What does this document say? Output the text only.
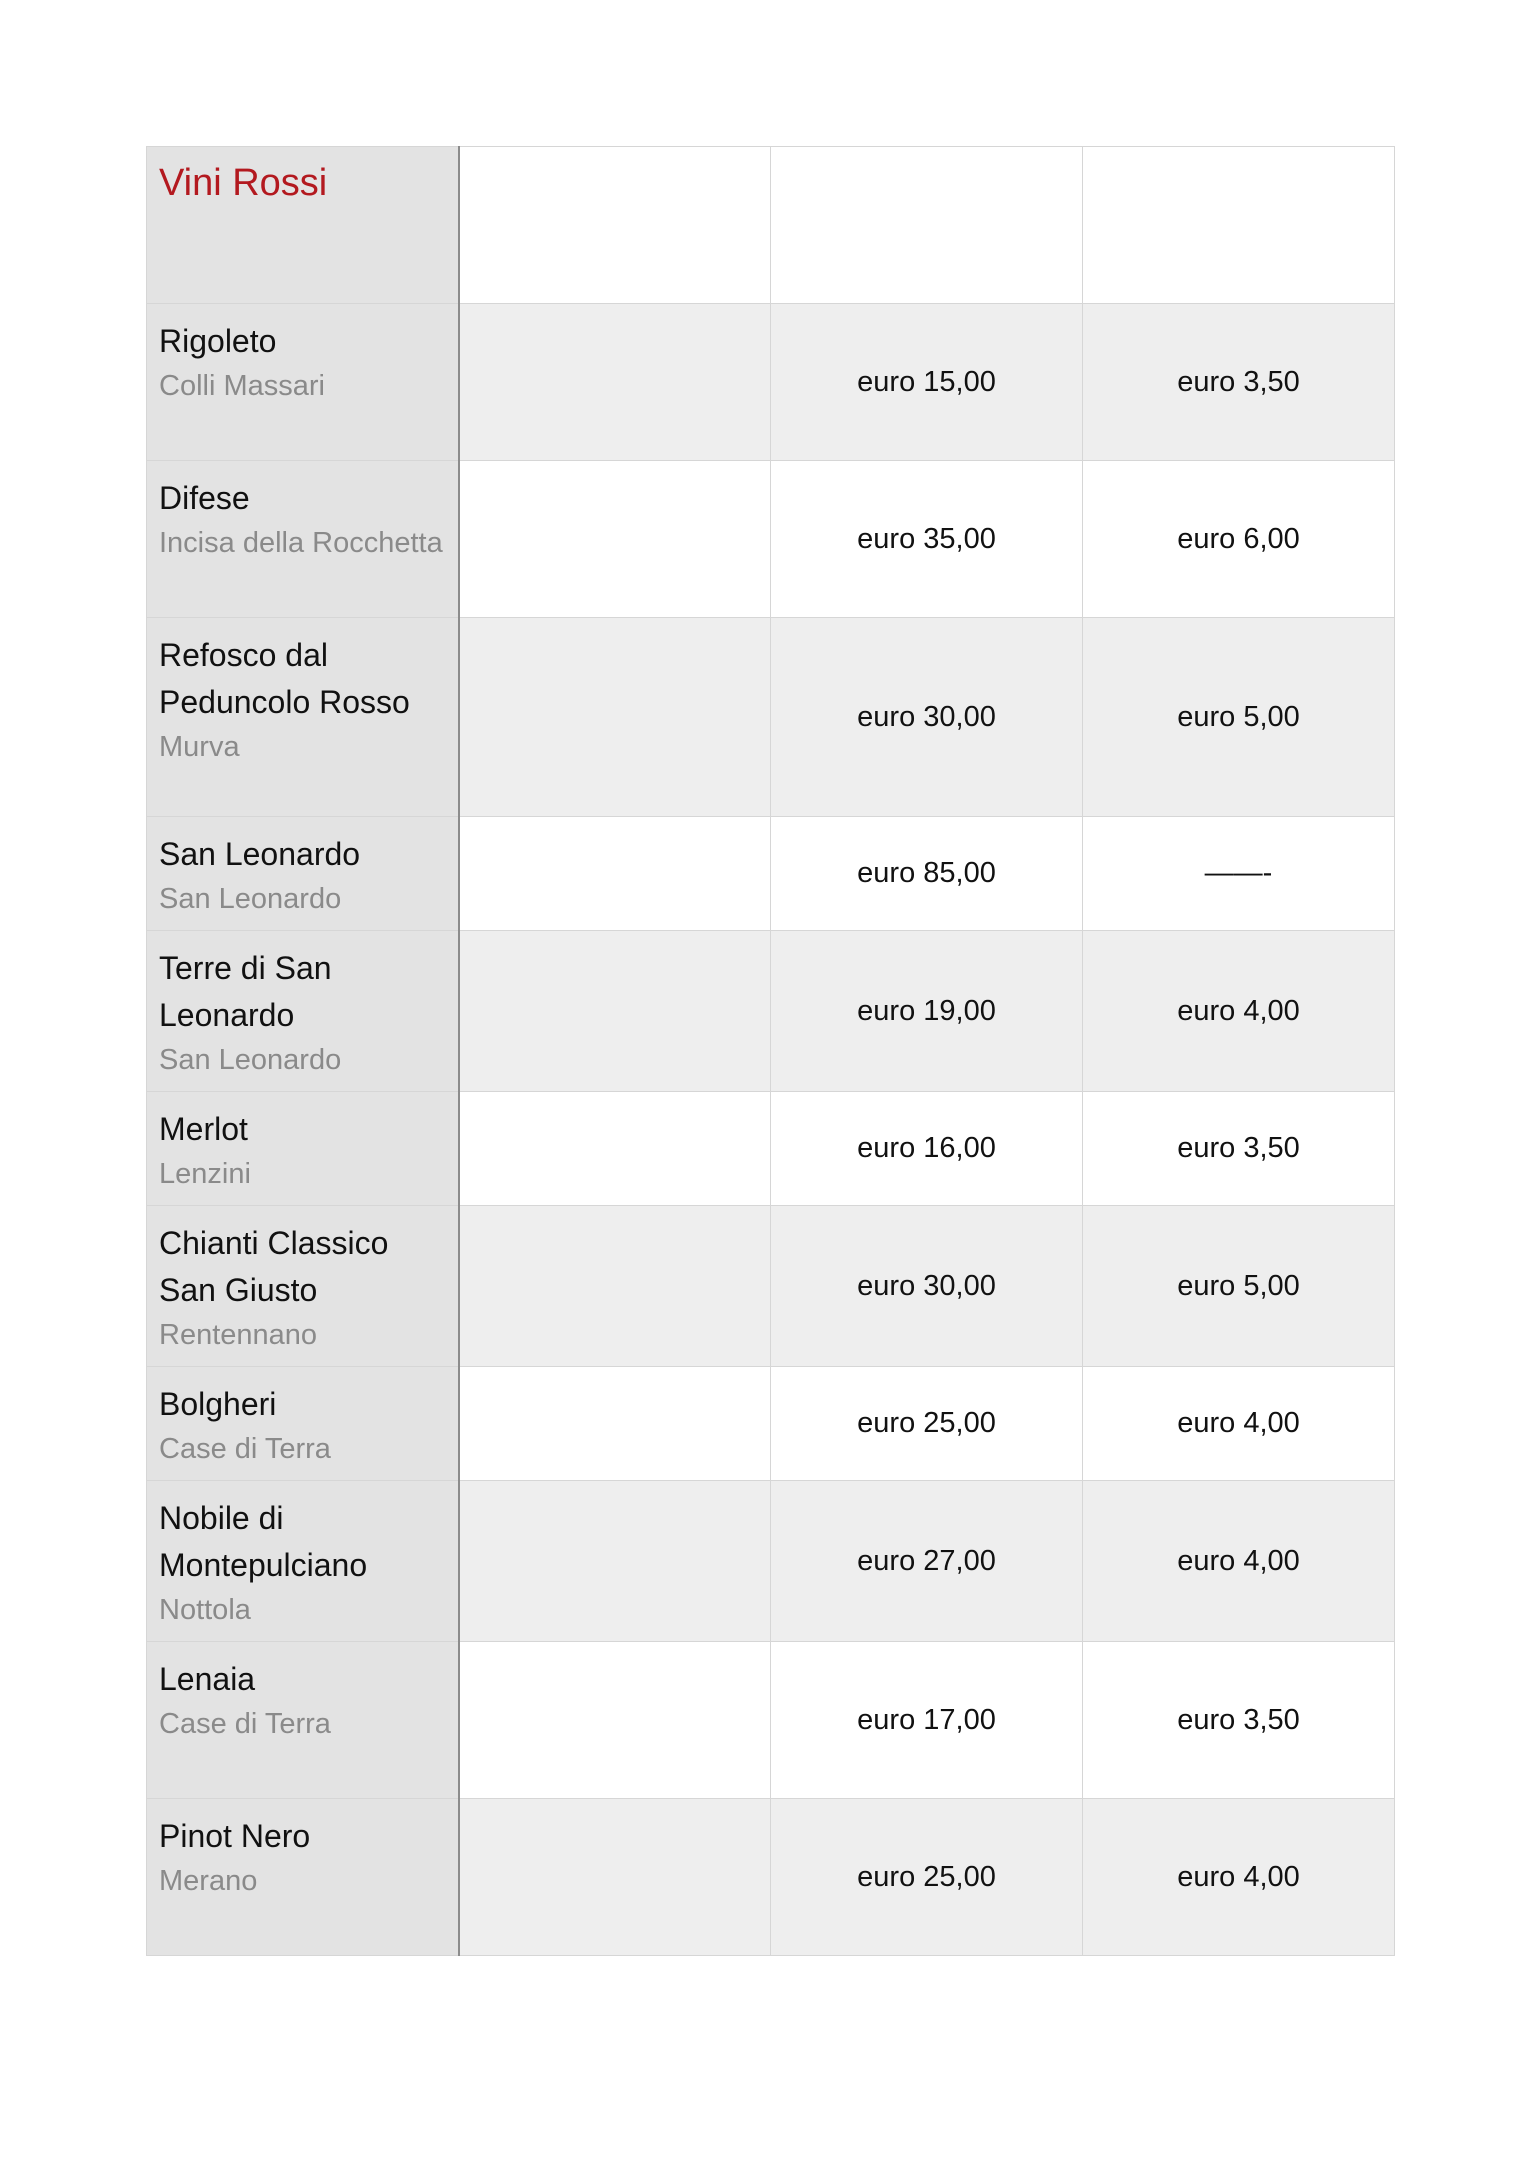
Vini Rossi			

Rigoleto
Colli Massari		euro 15,00	euro 3,50

Difese
Incisa della Rocchetta		euro 35,00	euro 6,00

Refosco dal Peduncolo Rosso
Murva		euro 30,00	euro 5,00

San Leonardo
San Leonardo		euro 85,00	——-

Terre di San Leonardo
San Leonardo		euro 19,00	euro 4,00

Merlot
Lenzini		euro 16,00	euro 3,50

Chianti Classico San Giusto
Rentennano		euro 30,00	euro 5,00

Bolgheri
Case di Terra		euro 25,00	euro 4,00

Nobile di Montepulciano
Nottola		euro 27,00	euro 4,00

Lenaia
Case di Terra		euro 17,00	euro 3,50

Pinot Nero
Merano		euro 25,00	euro 4,00
